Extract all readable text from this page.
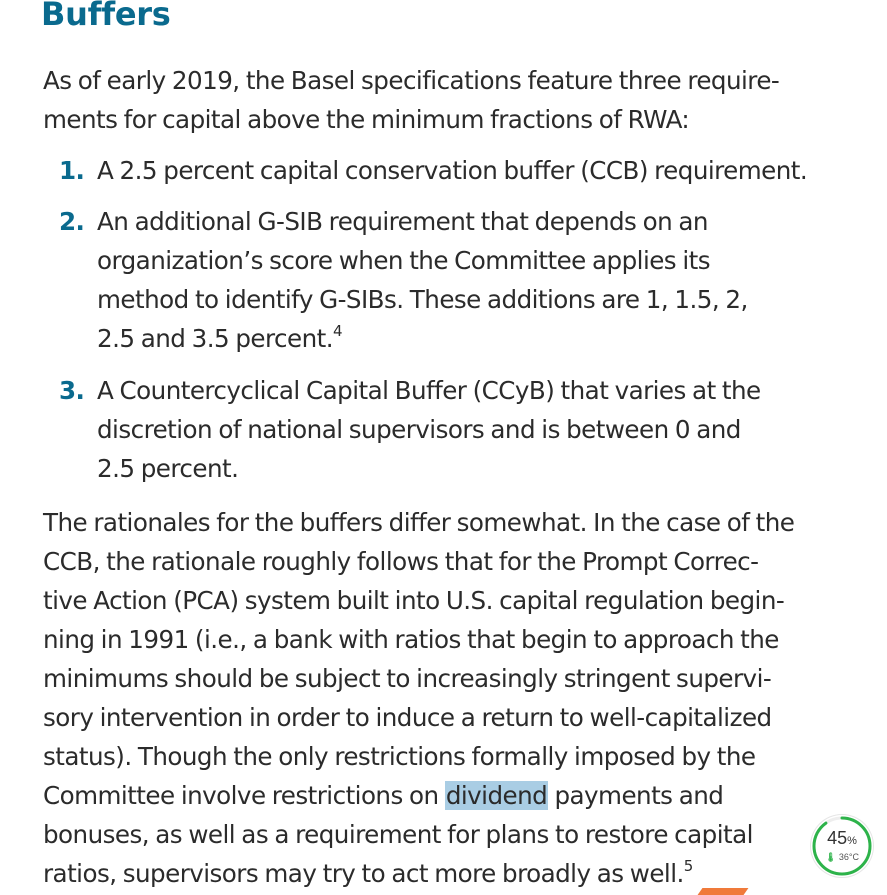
Buffers

As of early 2019, the Basel specifications feature three require-
ments for capital above the minimum fractions of RWA:

1. A 2.5 percent capital conservation buffer (CCB) requirement.
2. An additional G-SIB requirement that depends on an
organization’s score when the Committee applies its
method to identify G-SIBs. These additions are 1, 1.5, 2,
2.5 and 3.5 percent.$^4$
3. A Countercyclical Capital Buffer (CCyB) that varies at the
discretion of national supervisors and is between 0 and
2.5 percent.

The rationales for the buffers differ somewhat. In the case of the
CCB, the rationale roughly follows that for the Prompt Correc-
tive Action (PCA) system built into U.S. capital regulation begin-
ning in 1991 (i.e., a bank with ratios that begin to approach the
minimums should be subject to increasingly stringent supervi-
sory intervention in order to induce a return to well-capitalized
status). Though the only restrictions formally imposed by the
Committee involve restrictions on dividend payments and
bonuses, as well as a requirement for plans to restore capital
ratios, supervisors may try to act more broadly as well.$^5$

45%
🌡︎ 36°C
